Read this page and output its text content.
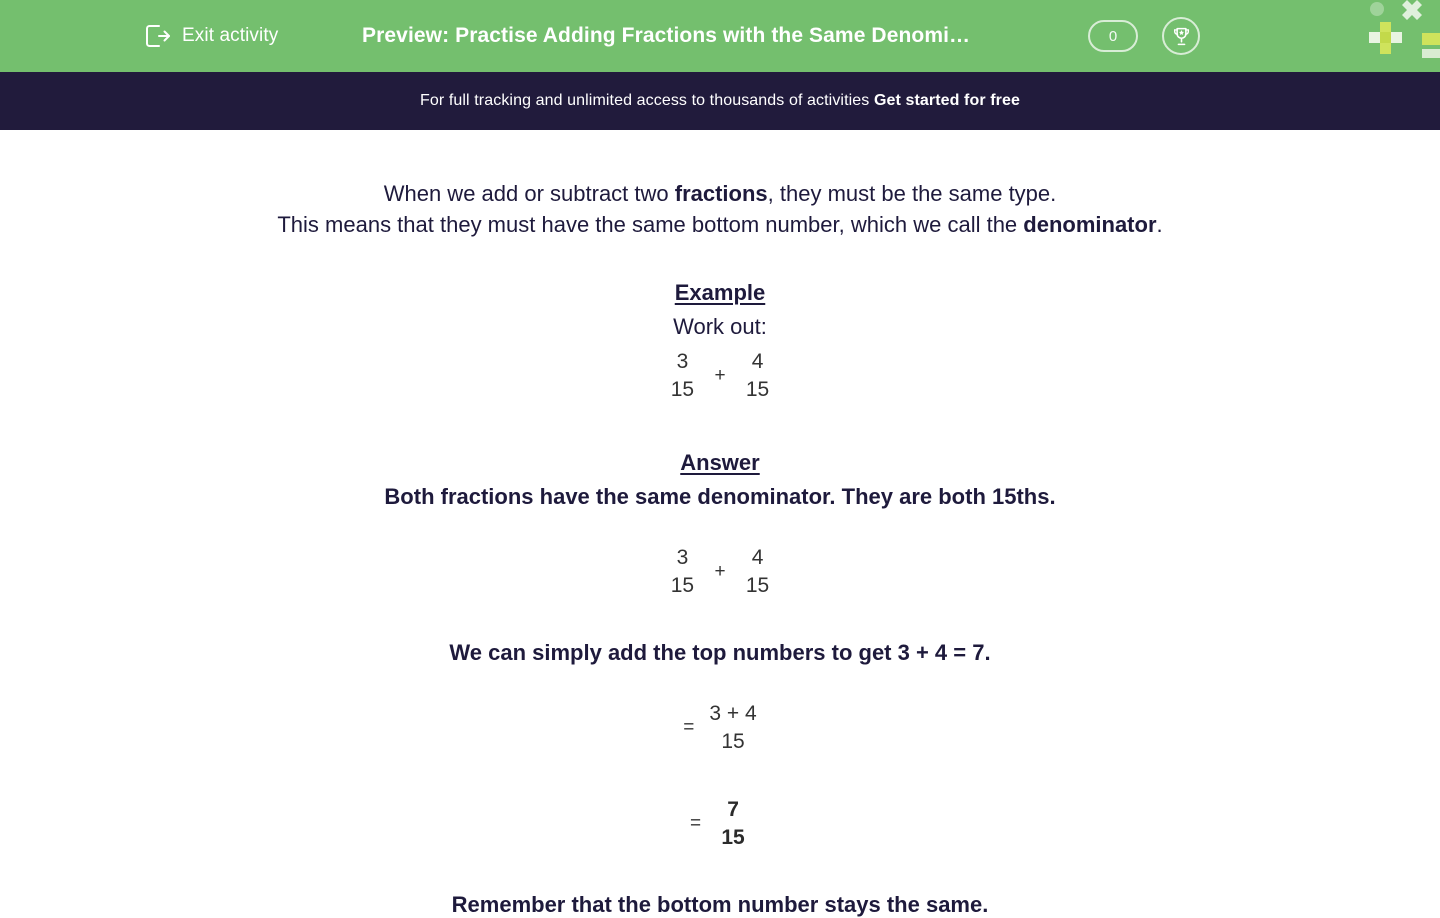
Exit activity	Preview: Practise Adding Fractions with the Same Denomi…	0
For full tracking and unlimited access to thousands of activities Get started for free
When we add or subtract two fractions, they must be the same type.
This means that they must have the same bottom number, which we call the denominator.
Example
Work out:
3
15
+
4
15
Answer
Both fractions have the same denominator. They are both 15ths.
3
15
+
4
15
We can simply add the top numbers to get 3 + 4 = 7.
=
3 + 4
15
=
7
15
Remember that the bottom number stays the same.
